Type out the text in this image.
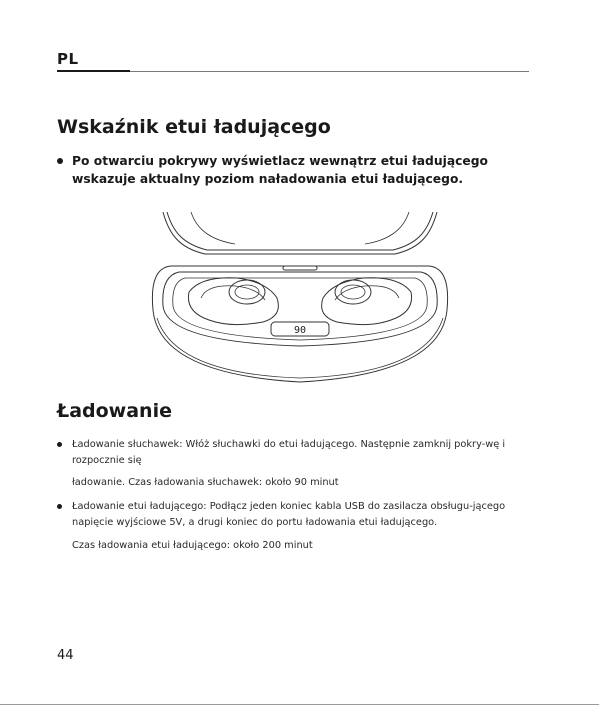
PL
Wskaźnik etui ładującego
Po otwarciu pokrywy wyświetlacz wewnątrz etui ładującego wskazuje aktualny poziom naładowania etui ładującego.
90
Ładowanie
Ładowanie słuchawek: Włóż słuchawki do etui ładującego. Następnie zamknij pokry-wę i rozpocznie się
ładowanie. Czas ładowania słuchawek: około 90 minut
Ładowanie etui ładującego: Podłącz jeden koniec kabla USB do zasilacza obsługu-jącego napięcie wyjściowe 5V, a drugi koniec do portu ładowania etui ładującego.
Czas ładowania etui ładującego: około 200 minut
44
